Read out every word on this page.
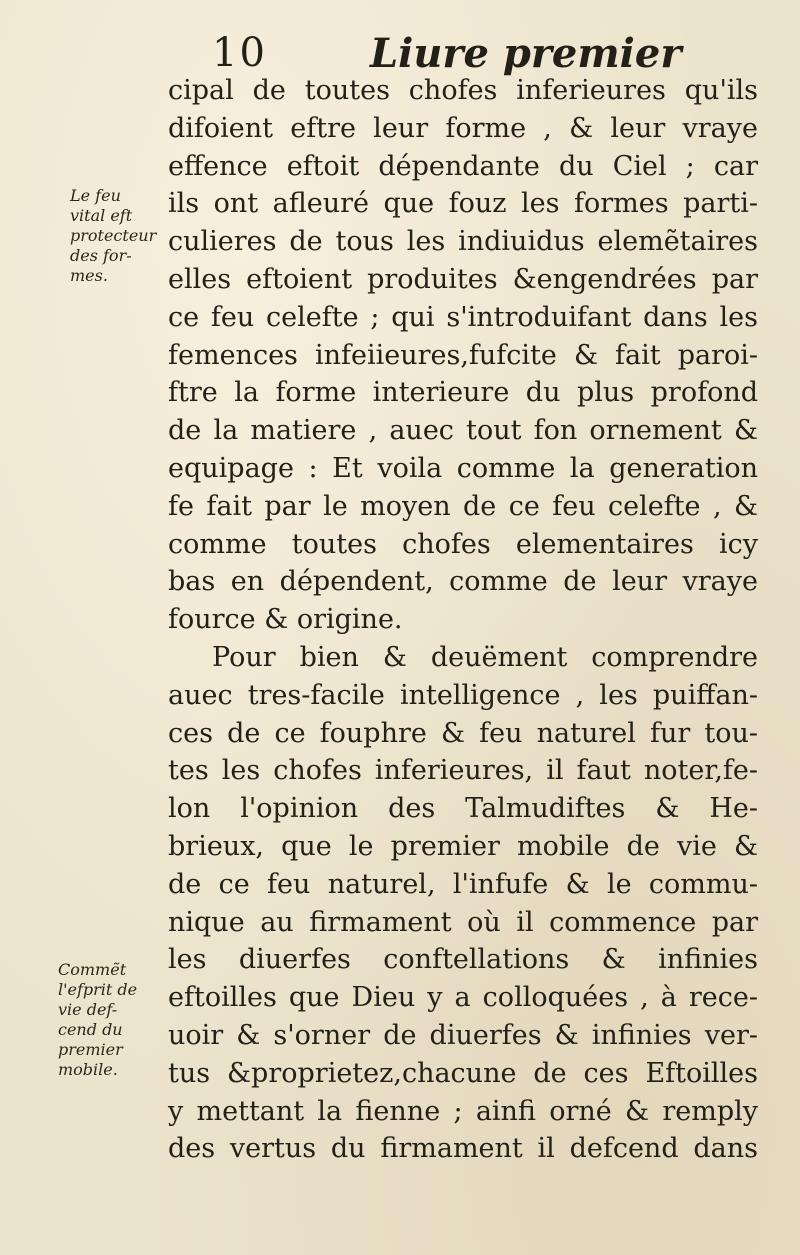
10	Liure premier
Le feu
vital eft
protecteur
des for-
mes.
Commẽt
l'efprit de
vie def-
cend du
premier
mobile.
cipal de toutes chofes inferieures qu'ils
difoient eftre leur forme , & leur vraye
effence eftoit dépendante du Ciel ; car
ils ont afleuré que fouz les formes parti-
culieres de tous les indiuidus elemẽtaires
elles eftoient produites &engendrées par
ce feu celefte ; qui s'introduifant dans les
femences infeiieures,fufcite & fait paroi-
ftre la forme interieure du plus profond
de la matiere , auec tout fon ornement &
equipage : Et voila comme la generation
fe fait par le moyen de ce feu celefte , &
comme toutes chofes elementaires icy
bas en dépendent, comme de leur vraye
fource & origine.
Pour bien & deuëment comprendre
auec tres-facile intelligence , les puiffan-
ces de ce fouphre & feu naturel fur tou-
tes les chofes inferieures, il faut noter,fe-
lon l'opinion des Talmudiftes & He-
brieux, que le premier mobile de vie &
de ce feu naturel, l'infufe & le commu-
nique au firmament où il commence par
les diuerfes conftellations & infinies
eftoilles que Dieu y a colloquées , à rece-
uoir & s'orner de diuerfes & infinies ver-
tus &proprietez,chacune de ces Eftoilles
y mettant la fienne ; ainfi orné & remply
des vertus du firmament il defcend dans
